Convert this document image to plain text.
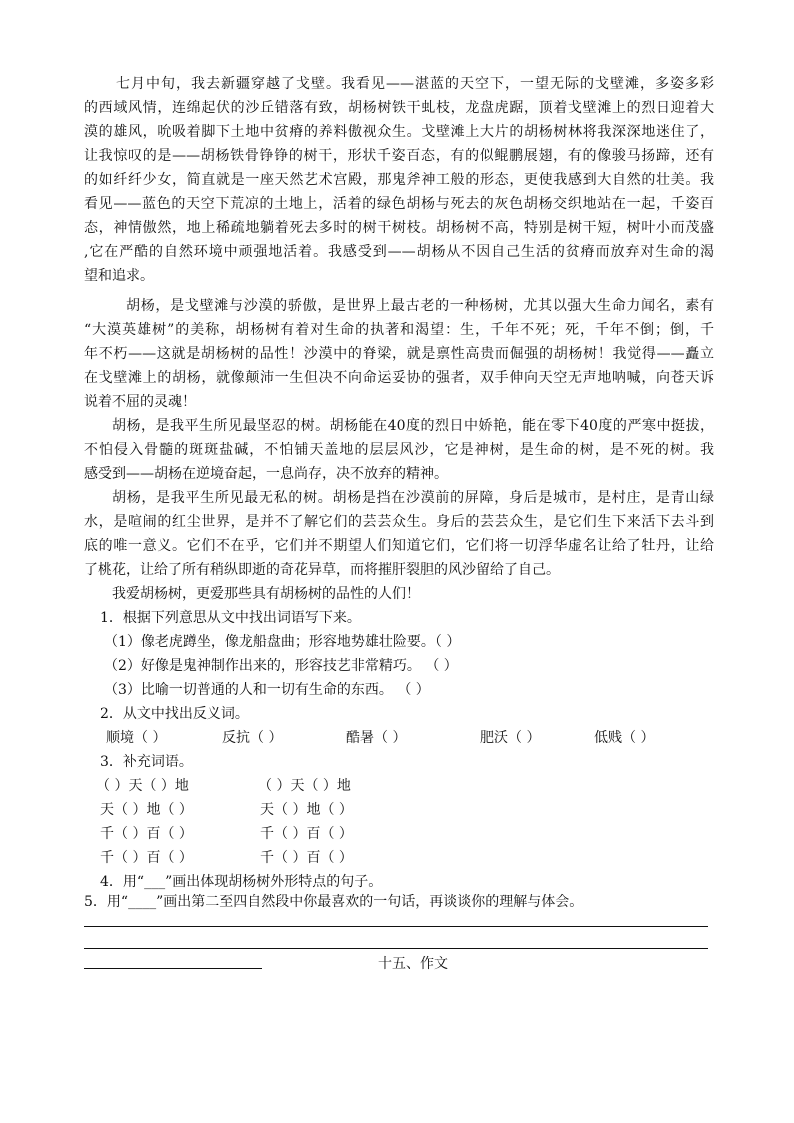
七月中旬，我去新疆穿越了戈壁。我看见——湛蓝的天空下，一望无际的戈壁滩，多姿多彩
的西域风情，连绵起伏的沙丘错落有致，胡杨树铁干虬枝，龙盘虎踞，顶着戈壁滩上的烈日迎着大
漠的雄风，吮吸着脚下土地中贫瘠的养料傲视众生。戈壁滩上大片的胡杨树林将我深深地迷住了，
让我惊叹的是——胡杨铁骨铮铮的树干，形状千姿百态，有的似鲲鹏展翅，有的像骏马扬蹄，还有
的如纤纤少女，简直就是一座天然艺术宫殿，那鬼斧神工般的形态，更使我感到大自然的壮美。我
看见——蓝色的天空下荒凉的土地上，活着的绿色胡杨与死去的灰色胡杨交织地站在一起，千姿百
态，神情傲然，地上稀疏地躺着死去多时的树干树枝。胡杨树不高，特别是树干短，树叶小而茂盛
,它在严酷的自然环境中顽强地活着。我感受到——胡杨从不因自己生活的贫瘠而放弃对生命的渴
望和追求。
胡杨，是戈壁滩与沙漠的骄傲，是世界上最古老的一种杨树，尤其以强大生命力闻名，素有
“大漠英雄树”的美称，胡杨树有着对生命的执著和渴望：生，千年不死；死，千年不倒；倒，千
年不朽——这就是胡杨树的品性！沙漠中的脊梁，就是禀性高贵而倔强的胡杨树！我觉得——矗立
在戈壁滩上的胡杨，就像颠沛一生但决不向命运妥协的强者，双手伸向天空无声地呐喊，向苍天诉
说着不屈的灵魂！
胡杨，是我平生所见最坚忍的树。胡杨能在40度的烈日中娇艳，能在零下40度的严寒中挺拔，
不怕侵入骨髓的斑斑盐碱，不怕铺天盖地的层层风沙，它是神树，是生命的树，是不死的树。我
感受到——胡杨在逆境奋起，一息尚存，决不放弃的精神。
胡杨，是我平生所见最无私的树。胡杨是挡在沙漠前的屏障，身后是城市，是村庄，是青山绿
水，是喧闹的红尘世界，是并不了解它们的芸芸众生。身后的芸芸众生，是它们生下来活下去斗到
底的唯一意义。它们不在乎，它们并不期望人们知道它们，它们将一切浮华虚名让给了牡丹，让给
了桃花，让给了所有稍纵即逝的奇花异草，而将摧肝裂胆的风沙留给了自己。
我爱胡杨树，更爱那些具有胡杨树的品性的人们！
1．根据下列意思从文中找出词语写下来。
（1）像老虎蹲坐，像龙船盘曲；形容地势雄壮险要。（ ）
（2）好像是鬼神制作出来的，形容技艺非常精巧。 （ ）
（3）比喻一切普通的人和一切有生命的东西。 （ ）
2．从文中找出反义词。
顺境（ ）	反抗（ ）	酷暑（ ）	肥沃（ ）	低贱（ ）
3．补充词语。
（ ）天（ ）地	（ ）天（ ）地
天（ ）地（ ）	天（ ）地（ ）
千（ ）百（ ）	千（ ）百（ ）
千（ ）百（ ）	千（ ）百（ ）
4．用“___”画出体现胡杨树外形特点的句子。
5．用“____”画出第二至四自然段中你最喜欢的一句话，再谈谈你的理解与体会。
十五、作文
